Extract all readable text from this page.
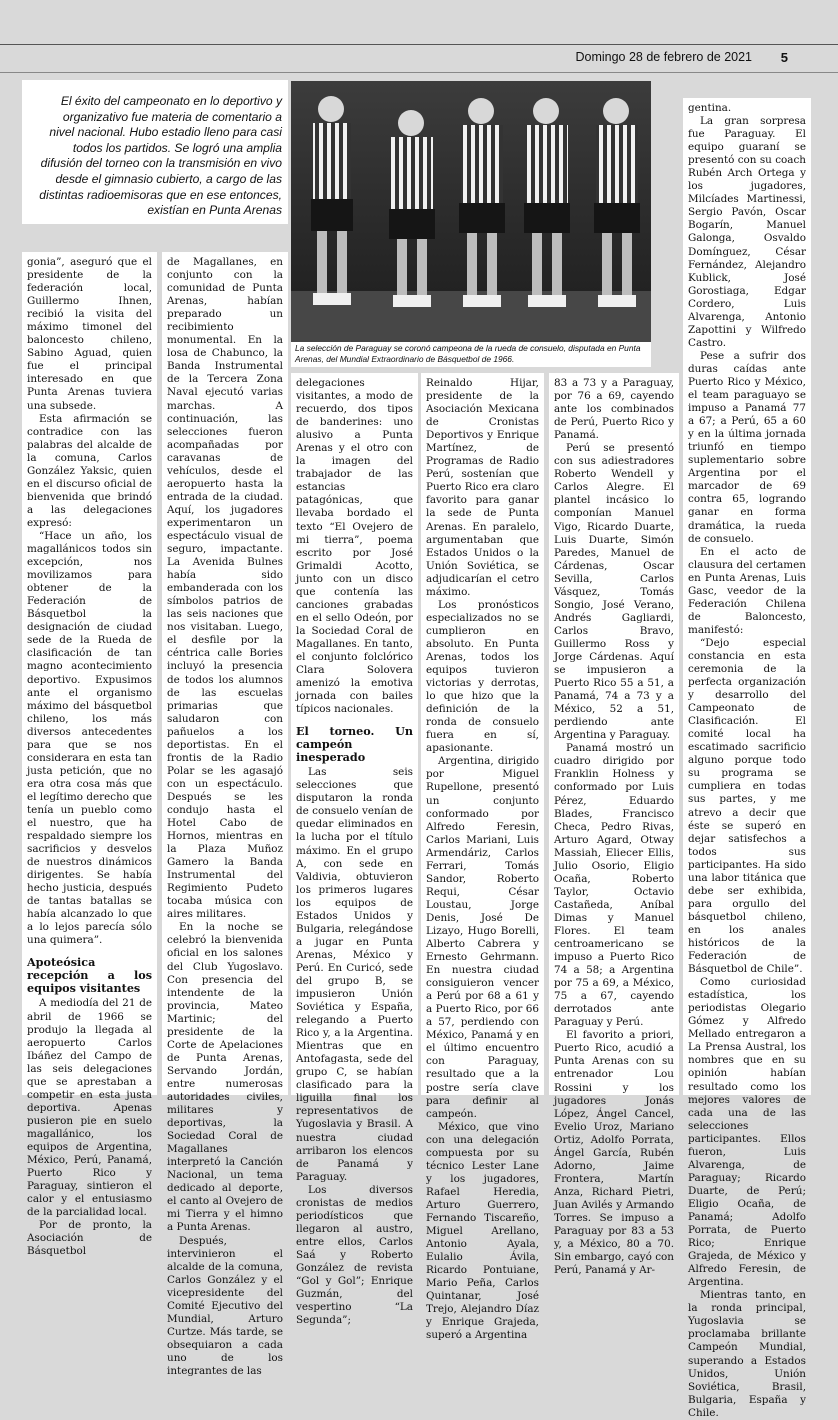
Domingo 28 de febrero de 2021 5

El éxito del campeonato en lo deportivo y organizativo fue materia de comentario a nivel nacional. Hubo estadio lleno para casi todos los partidos. Se logró una amplia difusión del torneo con la transmisión en vivo desde el gimnasio cubierto, a cargo de las distintas radioemisoras que en ese entonces, existían en Punta Arenas

La selección de Paraguay se coronó campeona de la rueda de consuelo, disputada en Punta Arenas, del Mundial Extraordinario de Básquetbol de 1966.

gonia”, aseguró que el presidente de la federación local, Guillermo Ihnen, recibió la visita del máximo timonel del baloncesto chileno, Sabino Aguad, quien fue el principal interesado en que Punta Arenas tuviera una subsede.

Esta afirmación se contradice con las palabras del alcalde de la comuna, Carlos González Yaksic, quien en el discurso oficial de bienvenida que brindó a las delegaciones expresó:

“Hace un año, los magallánicos todos sin excepción, nos movilizamos para obtener de la Federación de Básquetbol la designación de ciudad sede de la Rueda de clasificación de tan magno acontecimiento deportivo. Expusimos ante el organismo máximo del básquetbol chileno, los más diversos antecedentes para que se nos considerara en esta tan justa petición, que no era otra cosa más que el legítimo derecho que tenía un pueblo como el nuestro, que ha respaldado siempre los sacrificios y desvelos de nuestros dinámicos dirigentes. Se había hecho justicia, después de tantas batallas se había alcanzado lo que a lo lejos parecía sólo una quimera”.

Apoteósica recepción a los equipos visitantes

A mediodía del 21 de abril de 1966 se produjo la llegada al aeropuerto Carlos Ibáñez del Campo de las seis delegaciones que se aprestaban a competir en esta justa deportiva. Apenas pusieron pie en suelo magallánico, los equipos de Argentina, México, Perú, Panamá, Puerto Rico y Paraguay, sintieron el calor y el entusiasmo de la parcialidad local.

Por de pronto, la Asociación de Básquetbol

de Magallanes, en conjunto con la comunidad de Punta Arenas, habían preparado un recibimiento monumental. En la losa de Chabunco, la Banda Instrumental de la Tercera Zona Naval ejecutó varias marchas. A continuación, las selecciones fueron acompañadas por caravanas de vehículos, desde el aeropuerto hasta la entrada de la ciudad. Aquí, los jugadores experimentaron un espectáculo visual de seguro, impactante. La Avenida Bulnes había sido embanderada con los símbolos patrios de las seis naciones que nos visitaban. Luego, el desfile por la céntrica calle Bories incluyó la presencia de todos los alumnos de las escuelas primarias que saludaron con pañuelos a los deportistas. En el frontis de la Radio Polar se les agasajó con un espectáculo. Después se les condujo hasta el Hotel Cabo de Hornos, mientras en la Plaza Muñoz Gamero la Banda Instrumental del Regimiento Pudeto tocaba música con aires militares.

En la noche se celebró la bienvenida oficial en los salones del Club Yugoslavo. Con presencia del intendente de la provincia, Mateo Martinic; del presidente de la Corte de Apelaciones de Punta Arenas, Servando Jordán, entre numerosas autoridades civiles, militares y deportivas, la Sociedad Coral de Magallanes interpretó la Canción Nacional, un tema dedicado al deporte, el canto al Ovejero de mi Tierra y el himno a Punta Arenas.

Después, intervinieron el alcalde de la comuna, Carlos González y el vicepresidente del Comité Ejecutivo del Mundial, Arturo Curtze. Más tarde, se obsequiaron a cada uno de los integrantes de las

delegaciones visitantes, a modo de recuerdo, dos tipos de banderines: uno alusivo a Punta Arenas y el otro con la imagen del trabajador de las estancias patagónicas, que llevaba bordado el texto “El Ovejero de mi tierra”, poema escrito por José Grimaldi Acotto, junto con un disco que contenía las canciones grabadas en el sello Odeón, por la Sociedad Coral de Magallanes. En tanto, el conjunto folclórico Clara Solovera amenizó la emotiva jornada con bailes típicos nacionales.

El torneo. Un campeón inesperado

Las seis selecciones que disputaron la ronda de consuelo venían de quedar eliminados en la lucha por el título máximo. En el grupo A, con sede en Valdivia, obtuvieron los primeros lugares los equipos de Estados Unidos y Bulgaria, relegándose a jugar en Punta Arenas, México y Perú. En Curicó, sede del grupo B, se impusieron Unión Soviética y España, relegando a Puerto Rico y, a la Argentina. Mientras que en Antofagasta, sede del grupo C, se habían clasificado para la liguilla final los representativos de Yugoslavia y Brasil. A nuestra ciudad arribaron los elencos de Panamá y Paraguay.

Los diversos cronistas de medios periodísticos que llegaron al austro, entre ellos, Carlos Saá y Roberto González de revista “Gol y Gol”; Enrique Guzmán, del vespertino “La Segunda”;

Reinaldo Hijar, presidente de la Asociación Mexicana de Cronistas Deportivos y Enrique Martínez, de Programas de Radio Perú, sostenían que Puerto Rico era claro favorito para ganar la sede de Punta Arenas. En paralelo, argumentaban que Estados Unidos o la Unión Soviética, se adjudicarían el cetro máximo.

Los pronósticos especializados no se cumplieron en absoluto. En Punta Arenas, todos los equipos tuvieron victorias y derrotas, lo que hizo que la definición de la ronda de consuelo fuera en sí, apasionante.

Argentina, dirigido por Miguel Rupellone, presentó un conjunto conformado por Alfredo Feresin, Carlos Mariani, Luis Armendáriz, Carlos Ferrari, Tomás Sandor, Roberto Requi, César Loustau, Jorge Denis, José De Lizayo, Hugo Borelli, Alberto Cabrera y Ernesto Gehrmann. En nuestra ciudad consiguieron vencer a Perú por 68 a 61 y a Puerto Rico, por 66 a 57, perdiendo con México, Panamá y en el último encuentro con Paraguay, resultado que a la postre sería clave para definir al campeón.

México, que vino con una delegación compuesta por su técnico Lester Lane y los jugadores, Rafael Heredia, Arturo Guerrero, Fernando Tiscareño, Miguel Arellano, Antonio Ayala, Eulalio Ávila, Ricardo Pontuiane, Mario Peña, Carlos Quintanar, José Trejo, Alejandro Díaz y Enrique Grajeda, superó a Argentina

83 a 73 y a Paraguay, por 76 a 69, cayendo ante los combinados de Perú, Puerto Rico y Panamá.

Perú se presentó con sus adiestradores Roberto Wendell y Carlos Alegre. El plantel incásico lo componían Manuel Vigo, Ricardo Duarte, Luis Duarte, Simón Paredes, Manuel de Cárdenas, Oscar Sevilla, Carlos Vásquez, Tomás Songio, José Verano, Andrés Gagliardi, Carlos Bravo, Guillermo Ross y Jorge Cárdenas. Aquí se impusieron a Puerto Rico 55 a 51, a Panamá, 74 a 73 y a México, 52 a 51, perdiendo ante Argentina y Paraguay.

Panamá mostró un cuadro dirigido por Franklin Holness y conformado por Luis Pérez, Eduardo Blades, Francisco Checa, Pedro Rivas, Arturo Agard, Otway Massiah, Eliecer Ellis, Julio Osorio, Eligio Ocaña, Roberto Taylor, Octavio Castañeda, Aníbal Dimas y Manuel Flores. El team centroamericano se impuso a Puerto Rico 74 a 58; a Argentina por 75 a 69, a México, 75 a 67, cayendo derrotados ante Paraguay y Perú.

El favorito a priori, Puerto Rico, acudió a Punta Arenas con su entrenador Lou Rossini y los jugadores Jonás López, Ángel Cancel, Evelio Uroz, Mariano Ortiz, Adolfo Porrata, Ángel García, Rubén Adorno, Jaime Frontera, Martín Anza, Richard Pietri, Juan Avilés y Armando Torres. Se impuso a Paraguay por 83 a 53 y, a México, 80 a 70. Sin embargo, cayó con Perú, Panamá y Ar-

gentina.

La gran sorpresa fue Paraguay. El equipo guaraní se presentó con su coach Rubén Arch Ortega y los jugadores, Milcíades Martinessi, Sergio Pavón, Oscar Bogarín, Manuel Galonga, Osvaldo Domínguez, César Fernández, Alejandro Kublick, José Gorostiaga, Edgar Cordero, Luis Alvarenga, Antonio Zapottini y Wilfredo Castro.

Pese a sufrir dos duras caídas ante Puerto Rico y México, el team paraguayo se impuso a Panamá 77 a 67; a Perú, 65 a 60 y en la última jornada triunfó en tiempo suplementario sobre Argentina por el marcador de 69 contra 65, logrando ganar en forma dramática, la rueda de consuelo.

En el acto de clausura del certamen en Punta Arenas, Luis Gasc, veedor de la Federación Chilena de Baloncesto, manifestó:

“Dejo especial constancia en esta ceremonia de la perfecta organización y desarrollo del Campeonato de Clasificación. El comité local ha escatimado sacrificio alguno porque todo su programa se cumpliera en todas sus partes, y me atrevo a decir que éste se superó en dejar satisfechos a todos sus participantes. Ha sido una labor titánica que debe ser exhibida, para orgullo del básquetbol chileno, en los anales históricos de la Federación de Básquetbol de Chile”.

Como curiosidad estadística, los periodistas Olegario Gómez y Alfredo Mellado entregaron a La Prensa Austral, los nombres que en su opinión habían resultado como los mejores valores de cada una de las selecciones participantes. Ellos fueron, Luis Alvarenga, de Paraguay; Ricardo Duarte, de Perú; Eligio Ocaña, de Panamá; Adolfo Porrata, de Puerto Rico; Enrique Grajeda, de México y Alfredo Feresin, de Argentina.

Mientras tanto, en la ronda principal, Yugoslavia se proclamaba brillante Campeón Mundial, superando a Estados Unidos, Unión Soviética, Brasil, Bulgaria, España y Chile.
